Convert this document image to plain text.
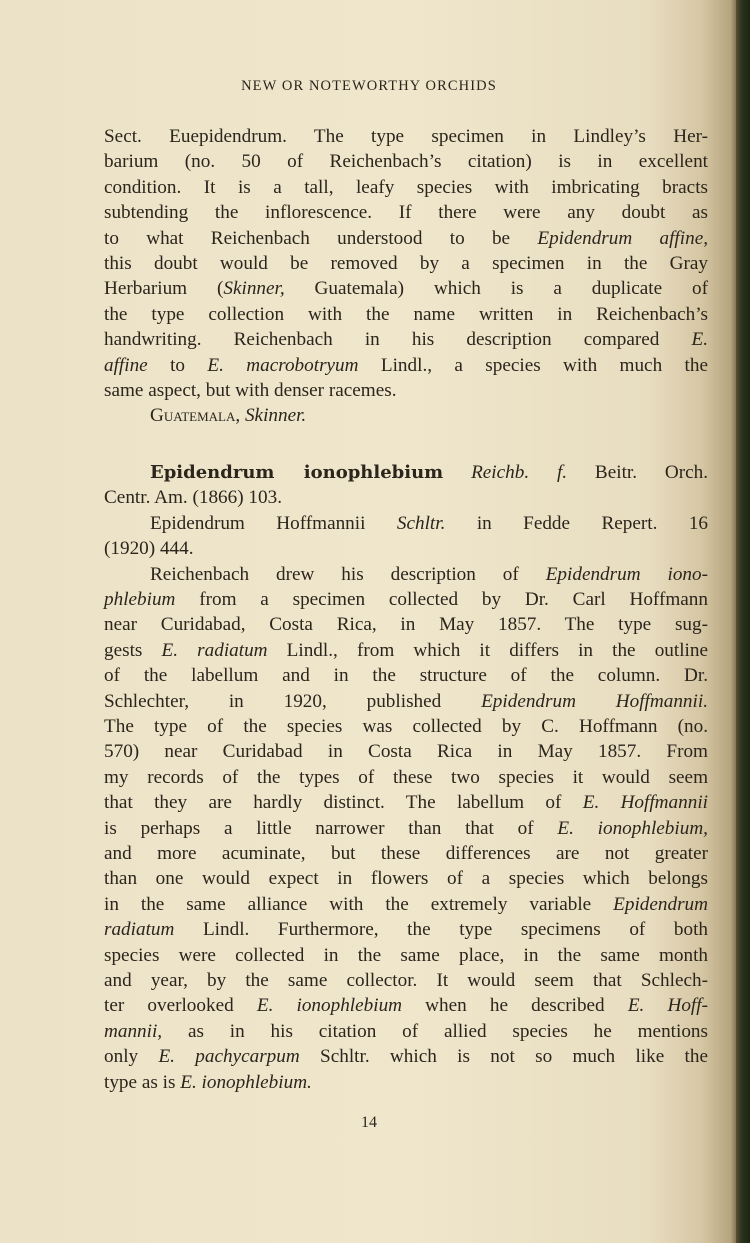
NEW OR NOTEWORTHY ORCHIDS

Sect. Euepidendrum. The type specimen in Lindley’s Her-

barium (no. 50 of Reichenbach’s citation) is in excellent

condition. It is a tall, leafy species with imbricating bracts

subtending the inflorescence. If there were any doubt as

to what Reichenbach understood to be Epidendrum affine,

this doubt would be removed by a specimen in the Gray

Herbarium (Skinner, Guatemala) which is a duplicate of

the type collection with the name written in Reichenbach’s

handwriting. Reichenbach in his description compared E.

affine to E. macrobotryum Lindl., a species with much the

same aspect, but with denser racemes.

Guatemala, Skinner.

Epidendrum ionophlebium Reichb. f. Beitr. Orch.

Centr. Am. (1866) 103.

Epidendrum Hoffmannii Schltr. in Fedde Repert. 16

(1920) 444.

Reichenbach drew his description of Epidendrum iono-

phlebium from a specimen collected by Dr. Carl Hoffmann

near Curidabad, Costa Rica, in May 1857. The type sug-

gests E. radiatum Lindl., from which it differs in the outline

of the labellum and in the structure of the column. Dr.

Schlechter, in 1920, published Epidendrum Hoffmannii.

The type of the species was collected by C. Hoffmann (no.

570) near Curidabad in Costa Rica in May 1857. From

my records of the types of these two species it would seem

that they are hardly distinct. The labellum of E. Hoffmannii

is perhaps a little narrower than that of E. ionophlebium,

and more acuminate, but these differences are not greater

than one would expect in flowers of a species which belongs

in the same alliance with the extremely variable Epidendrum

radiatum Lindl. Furthermore, the type specimens of both

species were collected in the same place, in the same month

and year, by the same collector. It would seem that Schlech-

ter overlooked E. ionophlebium when he described E. Hoff-

mannii, as in his citation of allied species he mentions

only E. pachycarpum Schltr. which is not so much like the

type as is E. ionophlebium.

14
